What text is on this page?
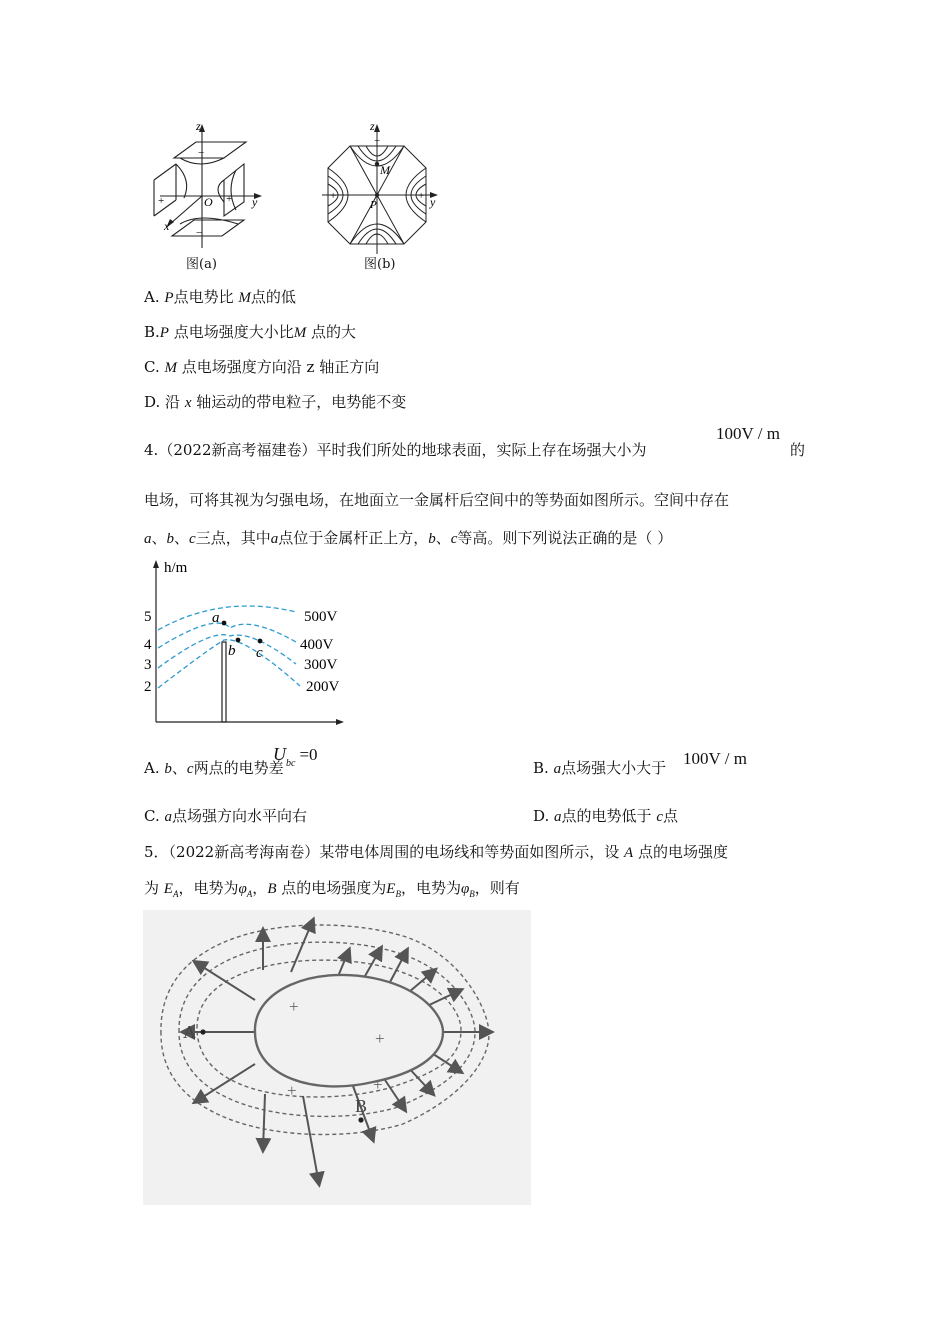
z
y
x
O
−
−
+	+
图(a)
z
y
M
P
−
−
+	+
图(b)
A. P点电势比 M点的低
B.P 点电场强度大小比M 点的大
C. M 点电场强度方向沿 z 轴正方向
D. 沿 x 轴运动的带电粒子，电势能不变
4.（2022新高考福建卷）平时我们所处的地球表面，实际上存在场强大小为
100V / m
的
电场，可将其视为匀强电场，在地面立一金属杆后空间中的等势面如图所示。空间中存在
a、b、c三点，其中a点位于金属杆正上方，b、c等高。则下列说法正确的是（ ）
h/m
5
4
3
2
a
b c
500V
400V
300V
200V
A. b、c两点的电势差
$U_{bc} =0$
B. a点场强大小大于 100V / m
C. a点场强方向水平向右	D. a点的电势低于 c点
5．（2022新高考海南卷）某带电体周围的电场线和等势面如图所示，设 A 点的电场强度
为 $E_A$，电势为$\varphi_A$，B 点的电场强度为$E_B$，电势为$\varphi_B$，则有
A
B
+
+
+	+
